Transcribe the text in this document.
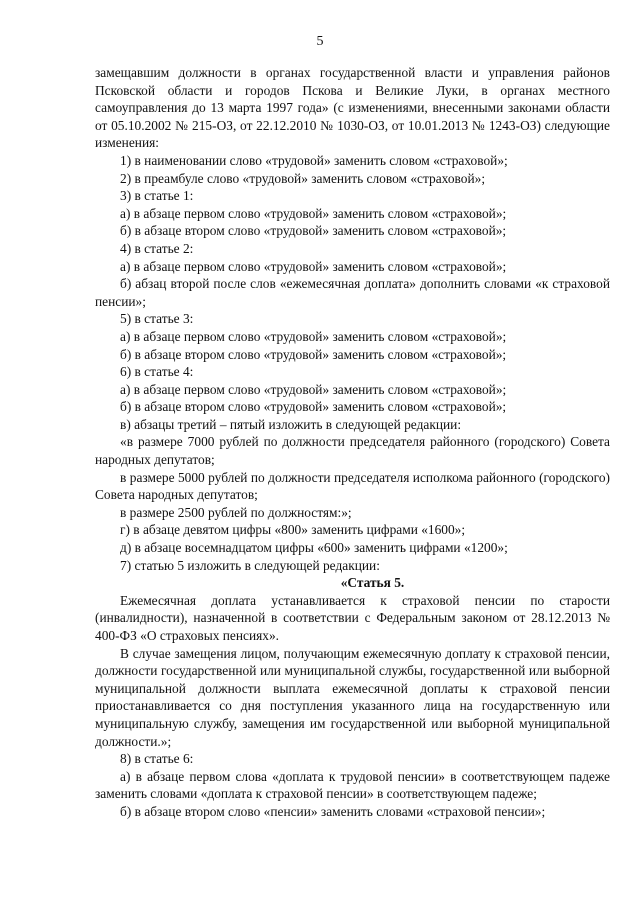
5

замещавшим должности в органах государственной власти и управления районов Псковской области и городов Пскова и Великие Луки, в органах местного самоуправления до 13 марта 1997 года» (с изменениями, внесенными законами области от 05.10.2002 № 215-ОЗ, от 22.12.2010 № 1030-ОЗ, от 10.01.2013 № 1243-ОЗ) следующие изменения:

1) в наименовании слово «трудовой» заменить словом «страховой»;

2) в преамбуле слово «трудовой» заменить словом «страховой»;

3) в статье 1:

а) в абзаце первом слово «трудовой» заменить словом «страховой»;

б) в абзаце втором слово «трудовой» заменить словом «страховой»;

4) в статье 2:

а) в абзаце первом слово «трудовой» заменить словом «страховой»;

б) абзац второй после слов «ежемесячная доплата» дополнить словами «к страховой пенсии»;

5) в статье 3:

а) в абзаце первом слово «трудовой» заменить словом «страховой»;

б) в абзаце втором слово «трудовой» заменить словом «страховой»;

6) в статье 4:

а) в абзаце первом слово «трудовой» заменить словом «страховой»;

б) в абзаце втором слово «трудовой» заменить словом «страховой»;

в) абзацы третий – пятый изложить в следующей редакции:

«в размере 7000 рублей по должности председателя районного (городского) Совета народных депутатов;

в размере 5000 рублей по должности председателя исполкома районного (городского) Совета народных депутатов;

в размере 2500 рублей по должностям:»;

г) в абзаце девятом цифры «800» заменить цифрами «1600»;

д) в абзаце восемнадцатом цифры «600» заменить цифрами «1200»;

7) статью 5 изложить в следующей редакции:

«Статья 5.

Ежемесячная доплата устанавливается к страховой пенсии по старости (инвалидности), назначенной в соответствии с Федеральным законом от 28.12.2013 № 400-ФЗ «О страховых пенсиях».

В случае замещения лицом, получающим ежемесячную доплату к страховой пенсии, должности государственной или муниципальной службы, государственной или выборной муниципальной должности выплата ежемесячной доплаты к страховой пенсии приостанавливается со дня поступления указанного лица на государственную или муниципальную службу, замещения им государственной или выборной муниципальной должности.»;

8) в статье 6:

а) в абзаце первом слова «доплата к трудовой пенсии» в соответствующем падеже заменить словами «доплата к страховой пенсии» в соответствующем падеже;

б) в абзаце втором слово «пенсии» заменить словами «страховой пенсии»;
